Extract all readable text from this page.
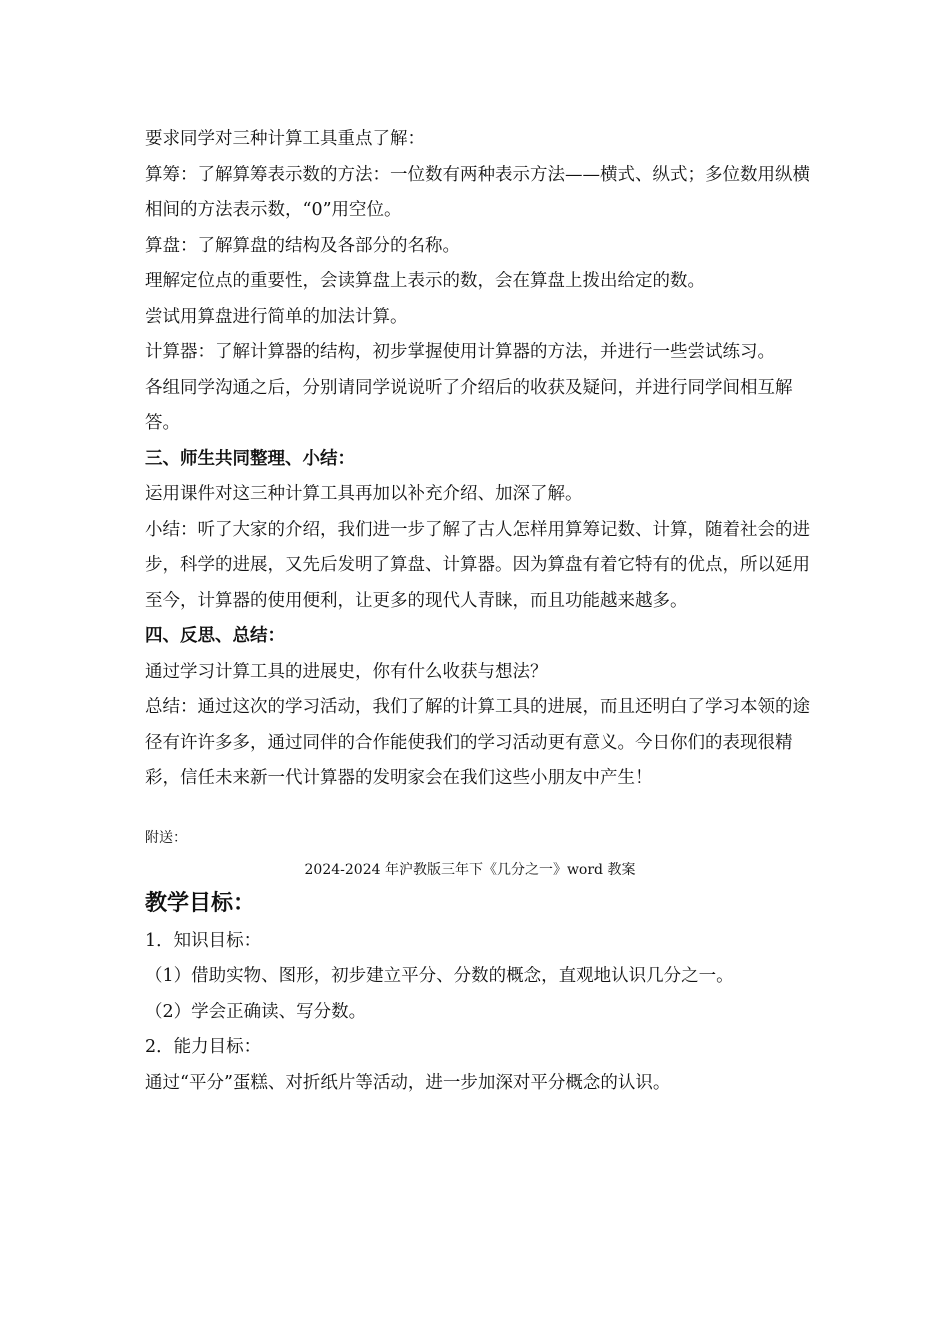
要求同学对三种计算工具重点了解：

算筹：了解算筹表示数的方法：一位数有两种表示方法——横式、纵式；多位数用纵横相间的方法表示数，“0”用空位。

算盘：了解算盘的结构及各部分的名称。

理解定位点的重要性，会读算盘上表示的数，会在算盘上拨出给定的数。

尝试用算盘进行简单的加法计算。

计算器：了解计算器的结构，初步掌握使用计算器的方法，并进行一些尝试练习。

各组同学沟通之后，分别请同学说说听了介绍后的收获及疑问，并进行同学间相互解答。

三、师生共同整理、小结：

运用课件对这三种计算工具再加以补充介绍、加深了解。

小结：听了大家的介绍，我们进一步了解了古人怎样用算筹记数、计算，随着社会的进步，科学的进展，又先后发明了算盘、计算器。因为算盘有着它特有的优点，所以延用至今，计算器的使用便利，让更多的现代人青睐，而且功能越来越多。

四、反思、总结：

通过学习计算工具的进展史，你有什么收获与想法？

总结：通过这次的学习活动，我们了解的计算工具的进展，而且还明白了学习本领的途径有许许多多，通过同伴的合作能使我们的学习活动更有意义。今日你们的表现很精彩，信任未来新一代计算器的发明家会在我们这些小朋友中产生！

附送：

2024-2024 年沪教版三年下《几分之一》word 教案

教学目标：

1．知识目标：

（1）借助实物、图形，初步建立平分、分数的概念，直观地认识几分之一。

（2）学会正确读、写分数。

2．能力目标：

通过“平分”蛋糕、对折纸片等活动，进一步加深对平分概念的认识。
